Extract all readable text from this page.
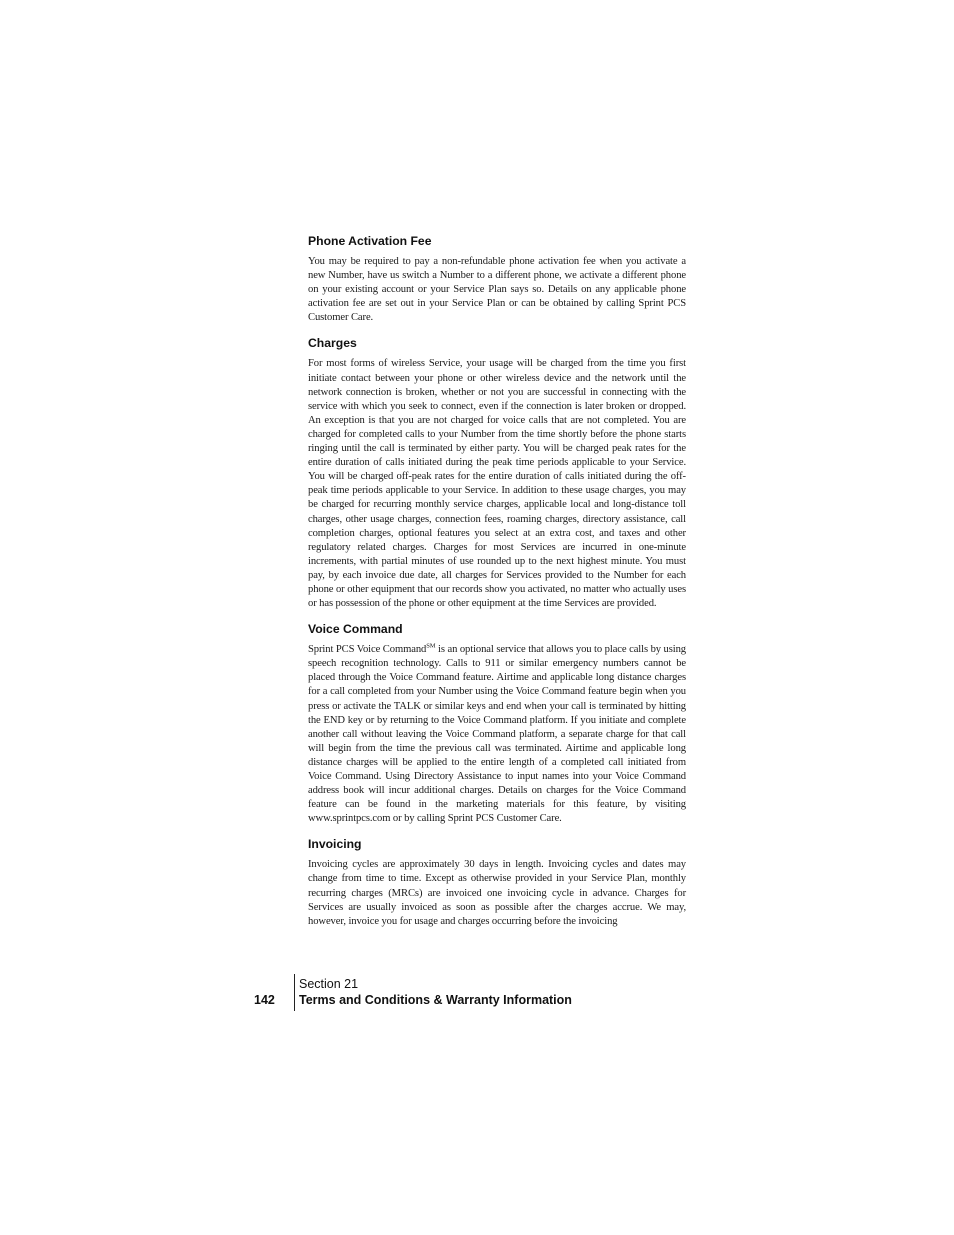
Phone Activation Fee

You may be required to pay a non-refundable phone activation fee when you activate a new Number, have us switch a Number to a different phone, we activate a different phone on your existing account or your Service Plan says so. Details on any applicable phone activation fee are set out in your Service Plan or can be obtained by calling Sprint PCS Customer Care.

Charges

For most forms of wireless Service, your usage will be charged from the time you first initiate contact between your phone or other wireless device and the network until the network connection is broken, whether or not you are successful in connecting with the service with which you seek to connect, even if the connection is later broken or dropped. An exception is that you are not charged for voice calls that are not completed. You are charged for completed calls to your Number from the time shortly before the phone starts ringing until the call is terminated by either party. You will be charged peak rates for the entire duration of calls initiated during the peak time periods applicable to your Service. You will be charged off-peak rates for the entire duration of calls initiated during the off-peak time periods applicable to your Service. In addition to these usage charges, you may be charged for recurring monthly service charges, applicable local and long-distance toll charges, other usage charges, connection fees, roaming charges, directory assistance, call completion charges, optional features you select at an extra cost, and taxes and other regulatory related charges. Charges for most Services are incurred in one-minute increments, with partial minutes of use rounded up to the next highest minute. You must pay, by each invoice due date, all charges for Services provided to the Number for each phone or other equipment that our records show you activated, no matter who actually uses or has possession of the phone or other equipment at the time Services are provided.

Voice Command

Sprint PCS Voice Command℠ is an optional service that allows you to place calls by using speech recognition technology. Calls to 911 or similar emergency numbers cannot be placed through the Voice Command feature. Airtime and applicable long distance charges for a call completed from your Number using the Voice Command feature begin when you press or activate the TALK or similar keys and end when your call is terminated by hitting the END key or by returning to the Voice Command platform. If you initiate and complete another call without leaving the Voice Command platform, a separate charge for that call will begin from the time the previous call was terminated. Airtime and applicable long distance charges will be applied to the entire length of a completed call initiated from Voice Command. Using Directory Assistance to input names into your Voice Command address book will incur additional charges. Details on charges for the Voice Command feature can be found in the marketing materials for this feature, by visiting www.sprintpcs.com or by calling Sprint PCS Customer Care.

Invoicing

Invoicing cycles are approximately 30 days in length. Invoicing cycles and dates may change from time to time. Except as otherwise provided in your Service Plan, monthly recurring charges (MRCs) are invoiced one invoicing cycle in advance. Charges for Services are usually invoiced as soon as possible after the charges accrue. We may, however, invoice you for usage and charges occurring before the invoicing

142
Section 21
Terms and Conditions & Warranty Information
